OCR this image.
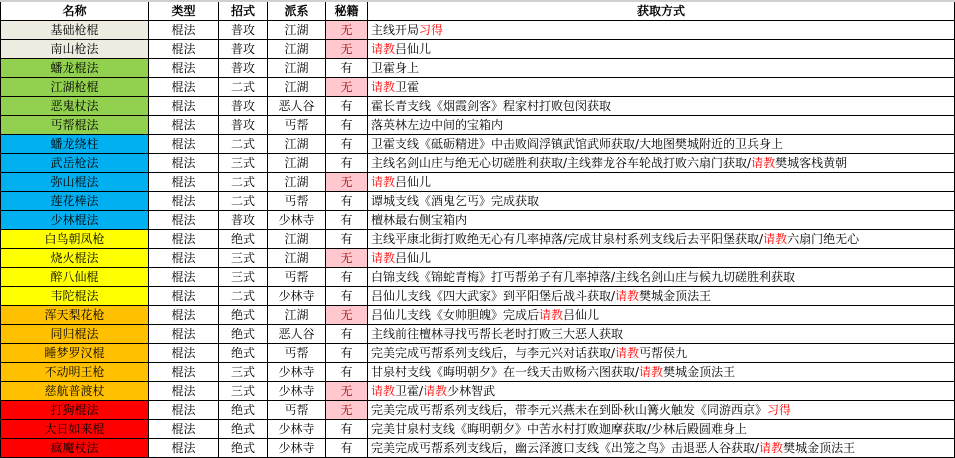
名称	类型	招式	派系	秘籍	获取方式
基础枪棍	棍法	普攻	江湖	无	主线开局习得
南山枪法	棍法	普攻	江湖	无	请教吕仙儿
蟠龙棍法	棍法	普攻	江湖	有	卫霍身上
江湖枪棍	棍法	二式	江湖	无	请教卫霍
恶鬼杖法	棍法	普攻	恶人谷	有	霍长青支线《烟霞剑客》程家村打败包闵获取
丐帮棍法	棍法	普攻	丐帮	有	落英林左边中间的宝箱内
蟠龙绕柱	棍法	二式	江湖	有	卫霍支线《砥砺精进》中击败阎浮镇武馆武师获取/大地图樊城附近的卫兵身上
武岳枪法	棍法	三式	江湖	有	主线名剑山庄与绝无心切磋胜利获取/主线葬龙谷车轮战打败六扇门获取/请教樊城客栈黄朝
弥山棍法	棍法	二式	江湖	无	请教吕仙儿
莲花棒法	棍法	二式	丐帮	有	谭城支线《酒鬼乞丐》完成获取
少林棍法	棍法	普攻	少林寺	有	檀林最右侧宝箱内
白鸟朝凤枪	棍法	绝式	江湖	有	主线平康北街打败绝无心有几率掉落/完成甘泉村系列支线后去平阳堡获取/请教六扇门绝无心
烧火棍法	棍法	三式	江湖	无	请教吕仙儿
醉八仙棍	棍法	三式	丐帮	有	白锦支线《锦蛇青梅》打丐帮弟子有几率掉落/主线名剑山庄与候九切磋胜利获取
韦陀棍法	棍法	二式	少林寺	有	吕仙儿支线《四大武家》到平阳堡后战斗获取/请教樊城金顶法王
浑天梨花枪	棍法	绝式	江湖	无	吕仙儿支线《女帅胆魄》完成后请教吕仙儿
同归棍法	棍法	绝式	恶人谷	有	主线前往檀林寻找丐帮长老时打败三大恶人获取
睡梦罗汉棍	棍法	绝式	丐帮	有	完美完成丐帮系列支线后，与李元兴对话获取/请教丐帮侯九
不动明王枪	棍法	三式	少林寺	有	甘泉村支线《晦明朝夕》在一线天击败杨六图获取/请教樊城金顶法王
慈航普渡杖	棍法	三式	少林寺	无	请教卫霍/请教少林智武
打狗棍法	棍法	绝式	丐帮	无	完美完成丐帮系列支线后，带李元兴燕未在到卧秋山篝火触发《同游西京》习得
大日如来棍	棍法	绝式	少林寺	有	完美甘泉村支线《晦明朝夕》中苦水村打败迦摩获取/少林后殿圆难身上
疯魔杖法	棍法	绝式	少林寺	有	完美完成丐帮系列支线后，幽云泽渡口支线《出笼之鸟》击退恶人谷获取/请教樊城金顶法王
